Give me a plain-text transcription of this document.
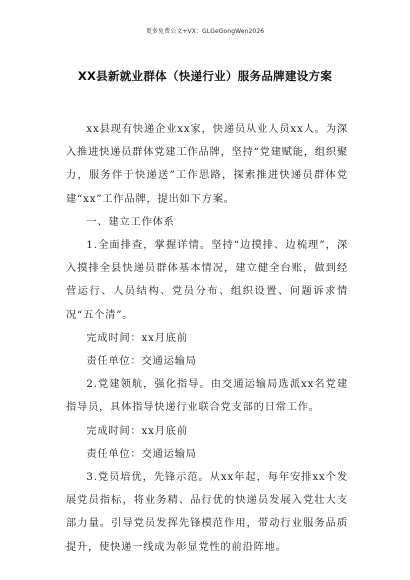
更多免费公文+VX：GLGeGongWen2026
XX县新就业群体（快递行业）服务品牌建设方案

xx县现有快递企业xx家，快递员从业人员xx人。为深入推进快递员群体党建工作品牌，坚持“党建赋能，组织聚力，服务伴于快递送”工作思路，探索推进快递员群体党建“xx”工作品牌，提出如下方案。

一、建立工作体系

1.全面排查，掌握详情。坚持“边摸排、边梳理”，深入摸排全县快递员群体基本情况，建立健全台账，做到经营运行、人员结构、党员分布、组织设置、问题诉求情况“五个清”。

完成时间：xx月底前

责任单位：交通运输局

2.党建领航，强化指导。由交通运输局选派xx名党建指导员，具体指导快递行业联合党支部的日常工作。

完成时间：xx月底前

责任单位：交通运输局

3.党员培优，先锋示范。从xx年起，每年安排xx个发展党员指标，将业务精、品行优的快递员发展入党壮大支部力量。引导党员发挥先锋模范作用，带动行业服务品质提升，使快递一线成为彰显党性的前沿阵地。
